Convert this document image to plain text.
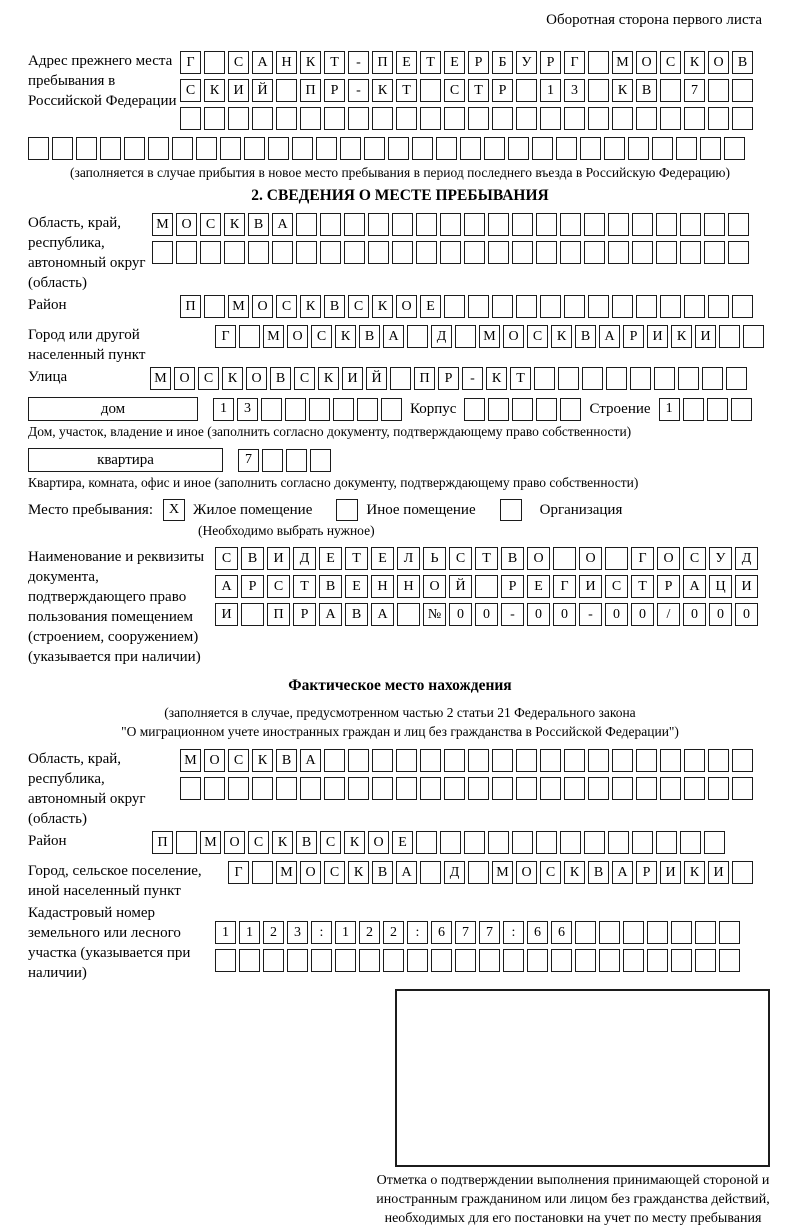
Оборотная сторона первого листа
Адрес прежнего места пребывания в Российской Федерации
Г	С	А Н	К	Т	-	П	Е	Т	Е	Р	Б	У	Р	Г	М О	С	К	О	В
С	К	И Й	П	Р	-	К	Т	С	Т	Р	1	3	К	В	7
(заполняется в случае прибытия в новое место пребывания в период последнего въезда в Российскую Федерацию)
2. СВЕДЕНИЯ О МЕСТЕ ПРЕБЫВАНИЯ
Область, край, республика, автономный округ (область)
М О	С	К	В	А
Район	П	М О	С	К	В	С	К	О	Е
Город или другой населенный пункт
Г	М О	С	К	В	А	Д	М О	С	К	В	А	Р	И	К	И
Улица	М О	С	К	О	В	С	К	И Й	П	Р	-	К	Т
дом	1	3	Корпус	Строение	1
Дом, участок, владение и иное (заполнить согласно документу, подтверждающему право собственности)
квартира	7
Квартира, комната, офис и иное (заполнить согласно документу, подтверждающему право собственности)
Место пребывания:	X Жилое помещение	Иное помещение	Организация
(Необходимо выбрать нужное)
Наименование и реквизиты документа, подтверждающего право пользования помещением (строением, сооружением) (указывается при наличии)
С	В	И	Д	Е	Т	Е	Л	Ь	С	Т	В	О	О	Г	О	С	У	Д
А	Р	С	Т	В	Е	Н	Н	О	Й	Р	Е	Г	И	С	Т	Р	А	Ц	И
И	П	Р	А	В	А	№	0	0	-	0	0	-	0	0	/	0	0	0
Фактическое место нахождения
(заполняется в случае, предусмотренном частью 2 статьи 21 Федерального закона
"О миграционном учете иностранных граждан и лиц без гражданства в Российской Федерации")
Область, край, республика, автономный округ (область)
М О	С	К	В	А
Район	П	М О	С	К	В	С	К	О	Е
Город, сельское поселение, иной населенный пункт
Г	М О	С	К	В	А	Д	М О	С	К	В	А	Р	И	К	И
Кадастровый номер земельного или лесного участка (указывается при наличии)
1	1	2	3	:	1	2	2	:	6	7	7	:	6	6
Отметка о подтверждении выполнения принимающей стороной и иностранным гражданином или лицом без гражданства действий, необходимых для его постановки на учет по месту пребывания
